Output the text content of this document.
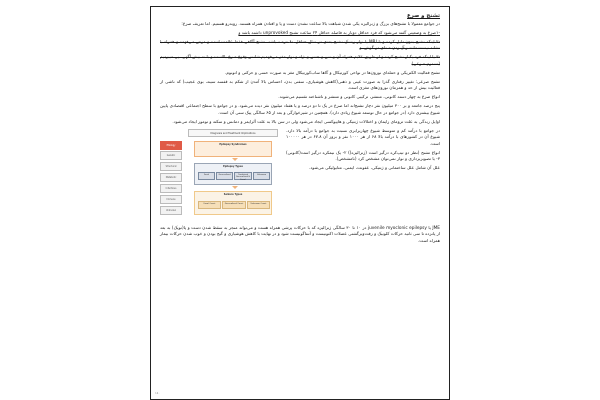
تشنج و صرع

در جوامع معمولا با تشنج‌های بزرگ و ژنرالیزه یکی شدن شباهت بالا ساعت نشدن دست و پا و افتادن همراه هستند. روبه‌رو هستیم. اما تعریف صرع:

-۱صرع به وضعیتی گفته می‌شود که فرد حداقل دوبار به فاصله حداقل ۲۴ ساعت تشنج unprovoked داشته باشد و

-۲ اینکه تشنج بدون دلیل کرده و با MRI یا نوار ریسک تشنج بعدی در سال حداقل ۶۰ درصد باشد. تشنج آگاهی فقط علامت است و مرض می‌فهمد و همراه با نشانه نیست مانند زنگ زدن صدای در گوش، و

-۳ یا اینکه فرد یکبار تشنج کرده و از طریق علایم همراه آن و سن و جنس و نژاد و نوار مغز می‌فهمیم شانس وقوع صرع بالاست و با نه بیش آگهی، پی میبردیم (سندرم صرعی)

تشنج فعالیت الکتریکی و حمله‌ای نورون‌ها در نواحی کورتیکال و گاها ساب‌کورتیکال مغز به صورت حسی و حرکتی و اتونوم.

تشنج صرعی: تغییر رفتاری گذرا به صورت عینی و ذهنی(کاهش هوشیاری، سفتی بدن، احساس بالا آمدن از شکم به قفسه سینه، بوی عجیب) که ناشی از فعالیت بیش از حد و همزمان نورون‌های مغزی است.

انواع صرع به چهار دسته کانونی، منتشر، ترکیبی کانونی و منتشر و ناشناخته تقسیم می‌شوند.

پنج درصد جامعه و بر ۳۰۰ میلیون نفر دچار تشنج‌اند اما صرع در یک تا دو درصد و یا هفتاد میلیون نفر دیده می‌شود. و در جوامع با سطح اجتماعی اقتصادی پایین شیوع بیشتری دارد (در جوامع در حال توسعه شیوع زیادی دارد). همچنین در شیرخوارگی و بعد از ۶۵ سالگی پیک سنی آن است.

اوایل زندگی به علت ترومای زایمان و اختلالات ژنتیکی و هایپوکسی ایجاد می‌شود ولی در سن بالا به علت آلزایمر و دمانس و سکته و تومور ایجاد می‌شود.

در جوامع با درآمد کم و متوسط شیوع چهاربرابری نسبت به جوامع با درآمد بالا دارد. شیوع آن در کشورهای با درآمد بالا ۶۸ از هر ۱۰۰۰ نفر و بروز آن ۶۷.۸ در هر ۱۰۰۰۰۰ است.

انواع تشنج (نظر دو تیپ‌کره درگیر است (ژنرالیزه)) ۲- یک نیمکره درگیر است(کانونی) ۳- یا تصویربرداری و نوار نمی‌توان مشخص کرد (نامشخص).

علل آن شامل علل ساختمانی و ژنتیکی، عفونت، ایمنی، متابولیکی می‌شود.

Diagnosis and Treatment Implications
Etiology
Genetic
Structural
Metabolic
Infectious
Immune
Unknown
Epilepsy Syndromes
Epilepsy Types
Focal	Generalized	Combined Generalized & Focal
Unknown
Seizure Types
Focal Onset	Generalized Onset	Unknown Onset

JME یا juvenile myoclonic epilepsy در ۱۰ تا ۳۰ سالگی ژنرالیزه که با حرکات پرشی همراه هست و می‌تواند منجر به سقط شدن دست و پا(توپک) به بعد از پانزده تا سی ثانیه حرکات کلونیک و رفت‌وبرگشتی عضلات اکتونیست و آتنتاگونیست شود و در نهایت با کاهش هوشیاری و گیج بودن و خوب شدن حرکات بیمار همراه است.

۱۵۰
